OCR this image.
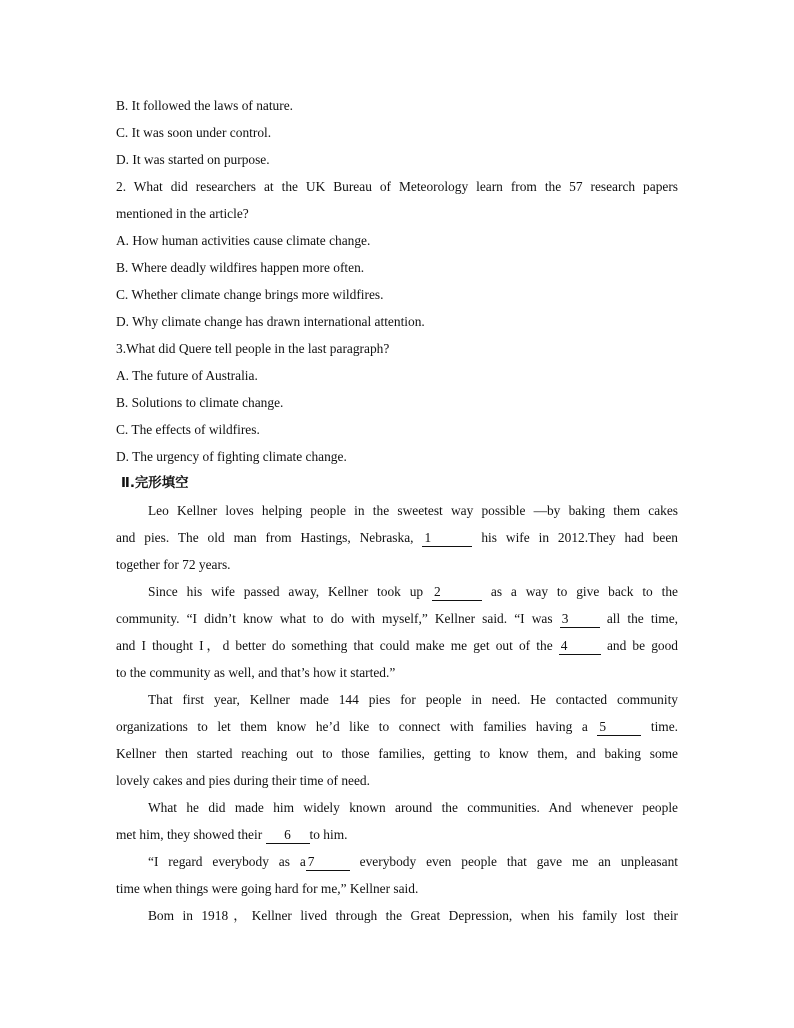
B. It followed the laws of nature.
C. It was soon under control.
D. It was started on purpose.
2. What did researchers at the UK Bureau of Meteorology learn from the 57 research papers
mentioned in the article?
A. How human activities cause climate change.
B. Where deadly wildfires happen more often.
C. Whether climate change brings more wildfires.
D. Why climate change has drawn international attention.
3.What did Quere tell people in the last paragraph?
A. The future of Australia.
B. Solutions to climate change.
C. The effects of wildfires.
D. The urgency of fighting climate change.
Ⅱ.完形填空
Leo Kellner loves helping people in the sweetest way possible —by baking them cakes
and pies. The old man from Hastings, Nebraska, 1	his wife in 2012.They had been
together for 72 years.
Since his wife passed away, Kellner took up 2	as a way to give back to the
community. “I didn’t know what to do with myself,” Kellner said. “I was 3	all the time,
and I thought I，d better do something that could make me get out of the 4	and be good
to the community as well, and that’s how it started.”
That first year, Kellner made 144 pies for people in need. He contacted community
organizations to let them know he’d like to connect with families having a 5	time.
Kellner then started reaching out to those families, getting to know them, and baking some
lovely cakes and pies during their time of need.
What he did made him widely known around the communities. And whenever people
met him, they showed their 6 to him.
“I regard everybody as a 7	everybody even people that gave me an unpleasant
time when things were going hard for me,” Kellner said.
Bom in 1918，Kellner lived through the Great Depression, when his family lost their
